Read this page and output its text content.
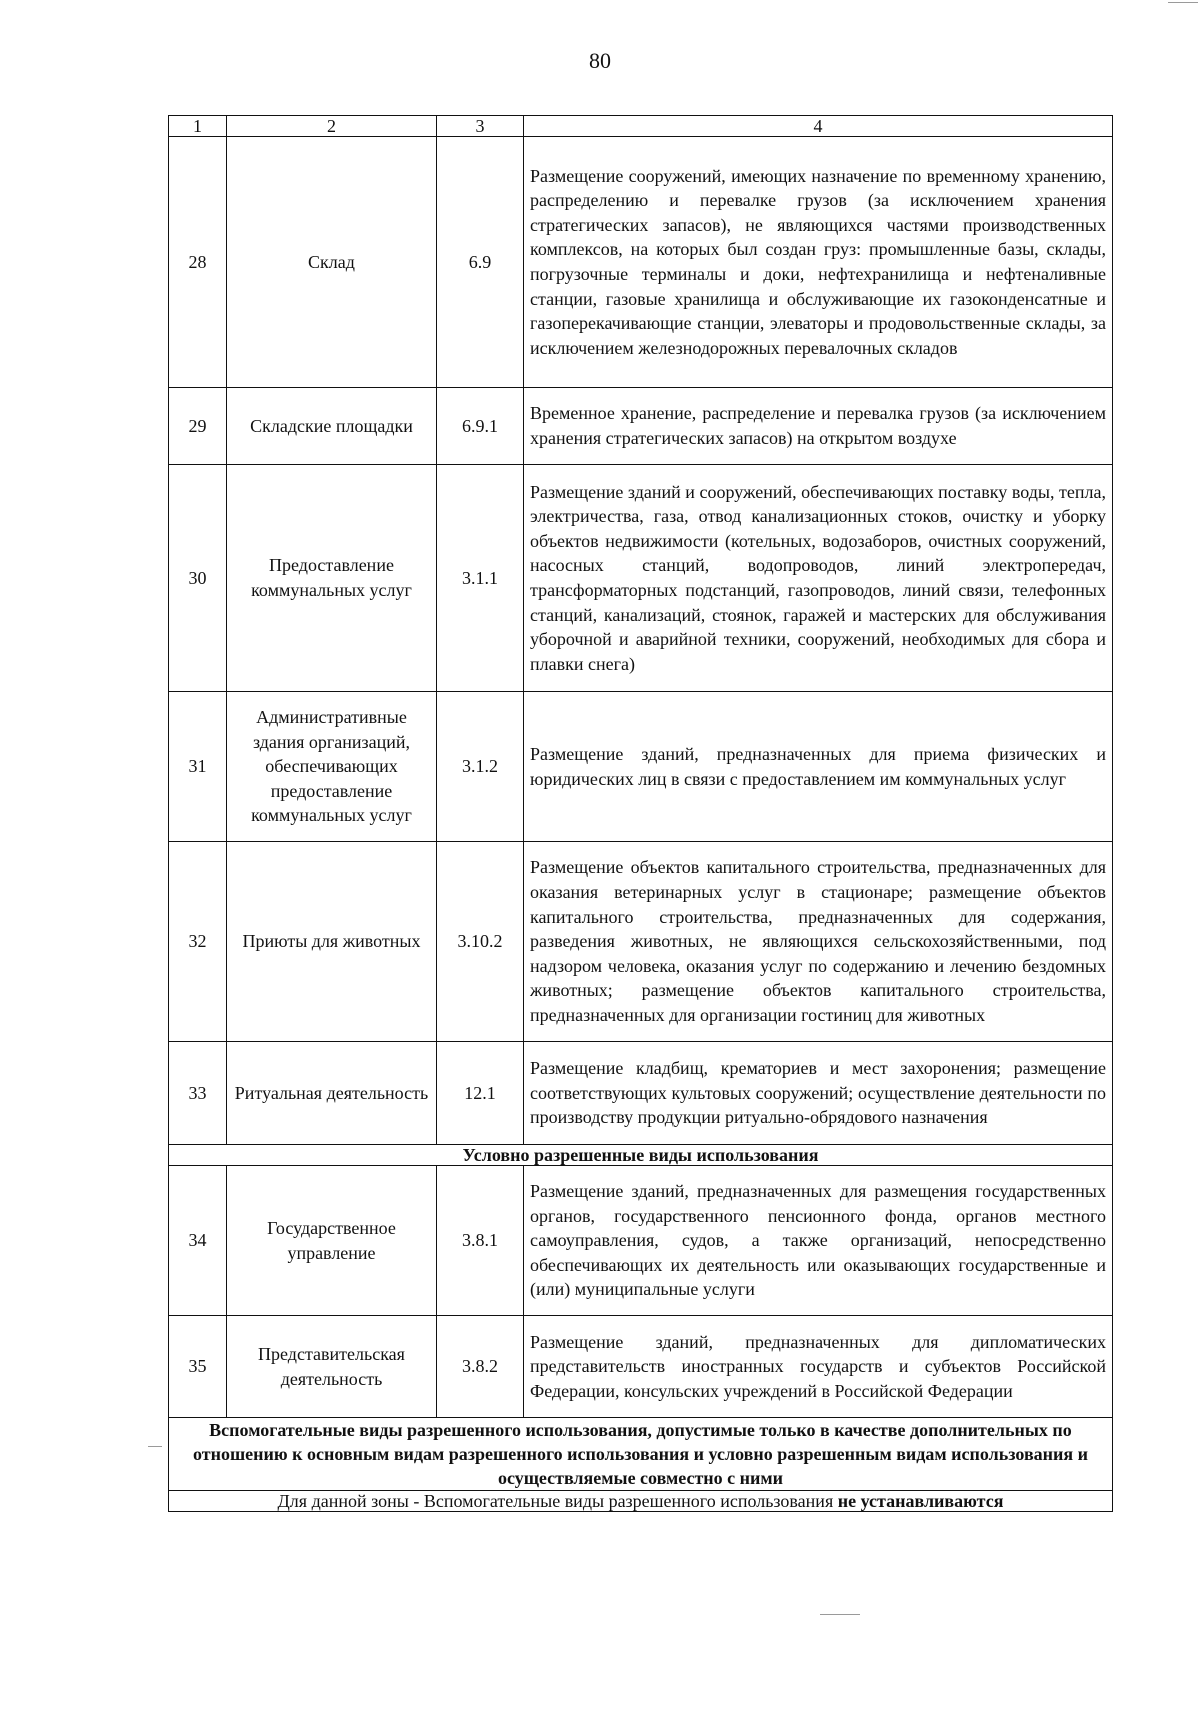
80
1	2	3	4
28	Склад	6.9	Размещение сооружений, имеющих назначение по временному хранению, распределению и перевалке грузов (за исключением хранения стратегических запасов), не являющихся частями производственных комплексов, на которых был создан груз: промышленные базы, склады, погрузочные терминалы и доки, нефтехранилища и нефтеналивные станции, газовые хранилища и обслуживающие их газоконденсатные и газоперекачивающие станции, элеваторы и продовольственные склады, за исключением железнодорожных перевалочных складов
29	Складские площадки	6.9.1	Временное хранение, распределение и перевалка грузов (за исключением хранения стратегических запасов) на открытом воздухе
30	Предоставление коммунальных услуг	3.1.1	Размещение зданий и сооружений, обеспечивающих поставку воды, тепла, электричества, газа, отвод канализационных стоков, очистку и уборку объектов недвижимости (котельных, водозаборов, очистных сооружений, насосных станций, водопроводов, линий электропередач, трансформаторных подстанций, газопроводов, линий связи, телефонных станций, канализаций, стоянок, гаражей и мастерских для обслуживания уборочной и аварийной техники, сооружений, необходимых для сбора и плавки снега)
31	Административные здания организаций, обеспечивающих предоставление коммунальных услуг	3.1.2	Размещение зданий, предназначенных для приема физических и юридических лиц в связи с предоставлением им коммунальных услуг
32	Приюты для животных	3.10.2	Размещение объектов капитального строительства, предназначенных для оказания ветеринарных услуг в стационаре; размещение объектов капитального строительства, предназначенных для содержания, разведения животных, не являющихся сельскохозяйственными, под надзором человека, оказания услуг по содержанию и лечению бездомных животных; размещение объектов капитального строительства, предназначенных для организации гостиниц для животных
33	Ритуальная деятельность	12.1	Размещение кладбищ, крематориев и мест захоронения; размещение соответствующих культовых сооружений; осуществление деятельности по производству продукции ритуально-обрядового назначения
Условно разрешенные виды использования			
34	Государственное управление	3.8.1	Размещение зданий, предназначенных для размещения государственных органов, государственного пенсионного фонда, органов местного самоуправления, судов, а также организаций, непосредственно обеспечивающих их деятельность или оказывающих государственные и (или) муниципальные услуги
35	Представительская деятельность	3.8.2	Размещение зданий, предназначенных для дипломатических представительств иностранных государств и субъектов Российской Федерации, консульских учреждений в Российской Федерации
Вспомогательные виды разрешенного использования, допустимые только в качестве дополнительных по отношению к основным видам разрешенного использования и условно разрешенным видам использования и осуществляемые совместно с ними			
Для данной зоны - Вспомогательные виды разрешенного использования не устанавливаются			
